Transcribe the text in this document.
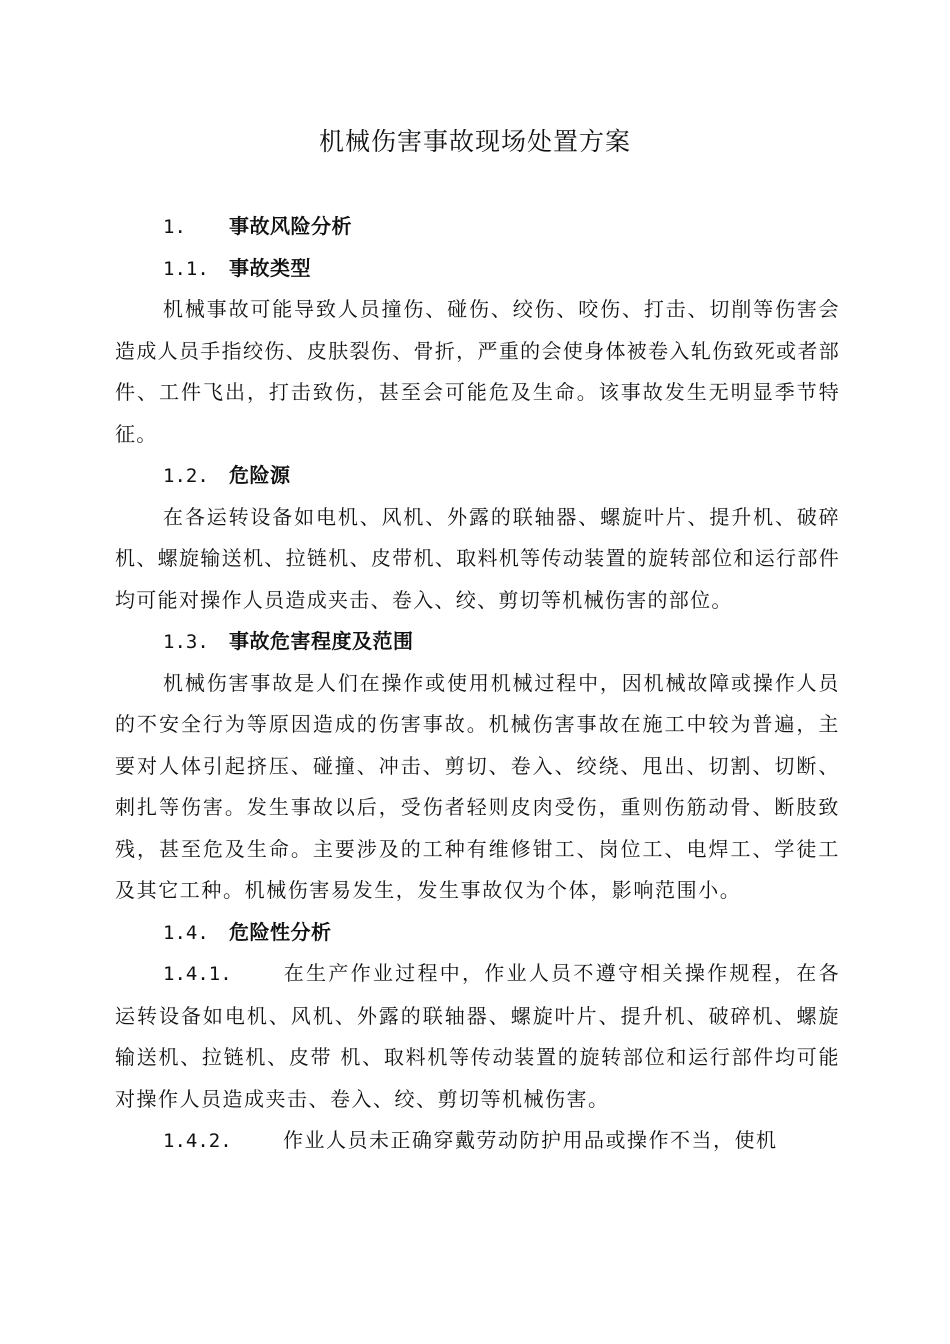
机械伤害事故现场处置方案
1.	事故风险分析
1.1.	事故类型
机械事故可能导致人员撞伤、碰伤、绞伤、咬伤、打击、切削等伤害会造成人员手指绞伤、皮肤裂伤、骨折，严重的会使身体被卷入轧伤致死或者部件、工件飞出，打击致伤，甚至会可能危及生命。该事故发生无明显季节特征。
1.2.	危险源
在各运转设备如电机、风机、外露的联轴器、螺旋叶片、提升机、破碎机、螺旋输送机、拉链机、皮带机、取料机等传动装置的旋转部位和运行部件均可能对操作人员造成夹击、卷入、绞、剪切等机械伤害的部位。
1.3.	事故危害程度及范围
机械伤害事故是人们在操作或使用机械过程中，因机械故障或操作人员的不安全行为等原因造成的伤害事故。机械伤害事故在施工中较为普遍，主要对人体引起挤压、碰撞、冲击、剪切、卷入、绞绕、甩出、切割、切断、刺扎等伤害。发生事故以后，受伤者轻则皮肉受伤，重则伤筋动骨、断肢致残，甚至危及生命。主要涉及的工种有维修钳工、岗位工、电焊工、学徒工及其它工种。机械伤害易发生，发生事故仅为个体，影响范围小。
1.4.	危险性分析
1.4.1.	在生产作业过程中，作业人员不遵守相关操作规程，在各运转设备如电机、风机、外露的联轴器、螺旋叶片、提升机、破碎机、螺旋输送机、拉链机、皮带 机、取料机等传动装置的旋转部位和运行部件均可能对操作人员造成夹击、卷入、绞、剪切等机械伤害。
1.4.2.	作业人员未正确穿戴劳动防护用品或操作不当，使机
